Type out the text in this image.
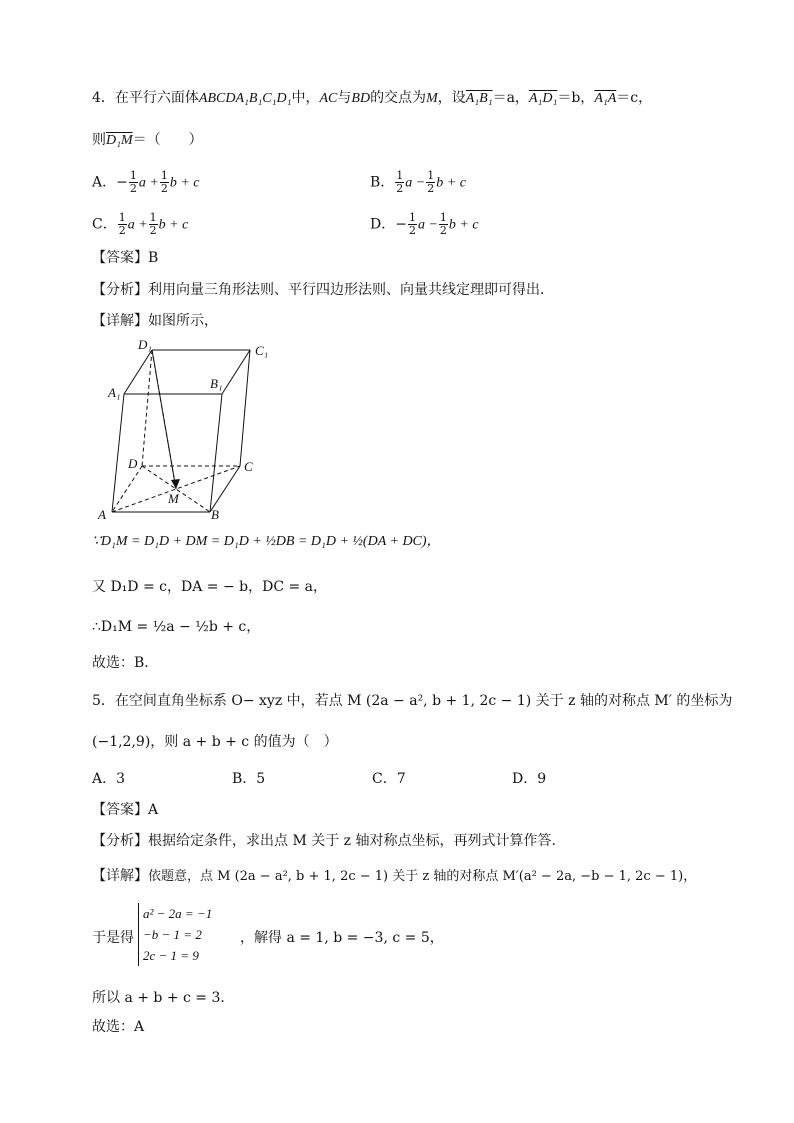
4．在平行六面体ABCDA₁B₁C₁D₁中，AC与BD的交点为M，设A₁B₁＝a，A₁D₁＝b，A₁A＝c，
则D₁M＝（　　）
A．− $\frac{1}{2}$ $a + \frac{1}{2}$ b + c	B． $\frac{1}{2}$ $a - \frac{1}{2}$ b + c
C． $\frac{1}{2}$ $a + \frac{1}{2}$ b + c	D．− $\frac{1}{2}$ $a - \frac{1}{2}$ b + c
【答案】B
【分析】利用向量三角形法则、平行四边形法则、向量共线定理即可得出．
【详解】如图所示，
D₁	C₁
A₁
B₁
D	C
M
A	B
∵D₁M = D₁D + DM = D₁D + ½DB = D₁D + ½(DA + DC)，
又 D₁D = c，DA = − b，DC = a，
∴D₁M = ½a − ½b + c，
故选：B．
5．在空间直角坐标系 O− xyz 中，若点 M (2a − a², b + 1, 2c − 1) 关于 z 轴的对称点 M′ 的坐标为
(−1,2,9)，则 a + b + c 的值为（　）
A．3	B．5	C．7	D．9
【答案】A
【分析】根据给定条件，求出点 M 关于 z 轴对称点坐标，再列式计算作答.
【详解】依题意，点 M (2a − a², b + 1, 2c − 1) 关于 z 轴的对称点 M′(a² − 2a, −b − 1, 2c − 1)，
于是得
a² − 2a = −1
−b − 1 = 2
2c − 1 = 9
，解得 a = 1, b = −3, c = 5，
所以 a + b + c = 3．
故选：A
